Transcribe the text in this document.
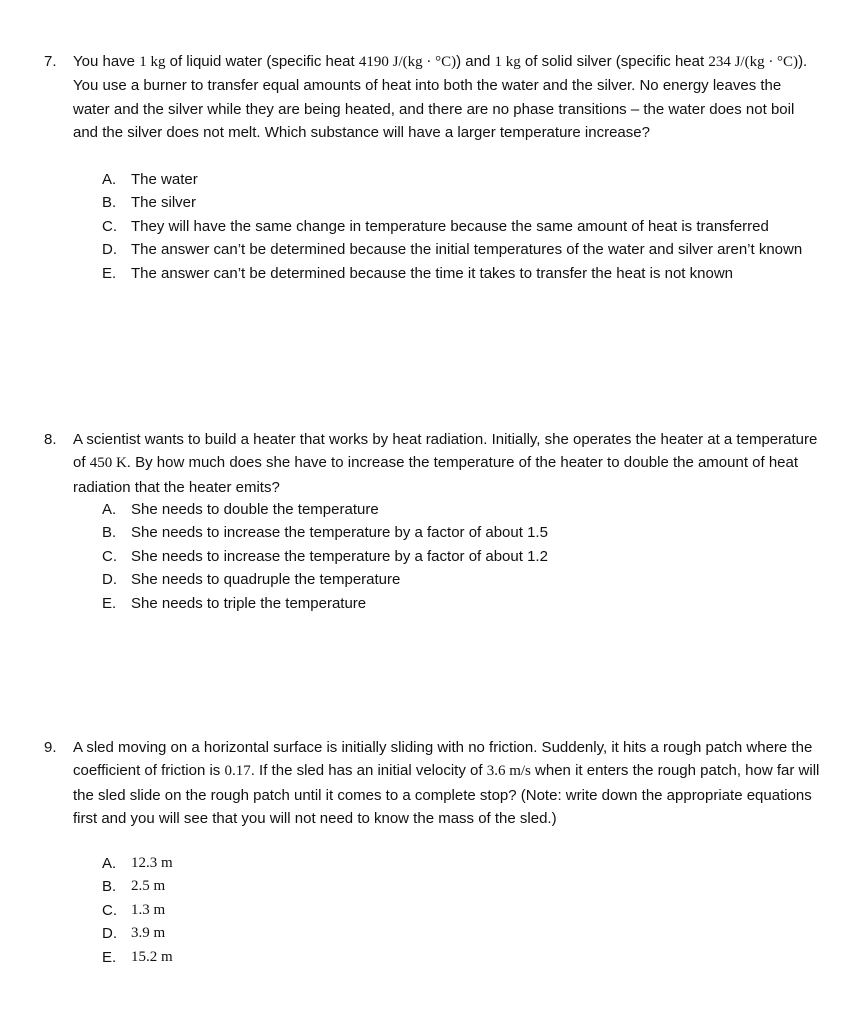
7. You have 1 kg of liquid water (specific heat 4190 J/(kg · °C)) and 1 kg of solid silver (specific heat 234 J/(kg · °C)). You use a burner to transfer equal amounts of heat into both the water and the silver. No energy leaves the water and the silver while they are being heated, and there are no phase transitions – the water does not boil and the silver does not melt. Which substance will have a larger temperature increase?
A. The water
B. The silver
C. They will have the same change in temperature because the same amount of heat is transferred
D. The answer can’t be determined because the initial temperatures of the water and silver aren’t known
E. The answer can’t be determined because the time it takes to transfer the heat is not known
8. A scientist wants to build a heater that works by heat radiation. Initially, she operates the heater at a temperature of 450 K. By how much does she have to increase the temperature of the heater to double the amount of heat radiation that the heater emits?
A. She needs to double the temperature
B. She needs to increase the temperature by a factor of about 1.5
C. She needs to increase the temperature by a factor of about 1.2
D. She needs to quadruple the temperature
E. She needs to triple the temperature
9. A sled moving on a horizontal surface is initially sliding with no friction. Suddenly, it hits a rough patch where the coefficient of friction is 0.17. If the sled has an initial velocity of 3.6 m/s when it enters the rough patch, how far will the sled slide on the rough patch until it comes to a complete stop? (Note: write down the appropriate equations first and you will see that you will not need to know the mass of the sled.)
A. 12.3 m
B. 2.5 m
C. 1.3 m
D. 3.9 m
E. 15.2 m
